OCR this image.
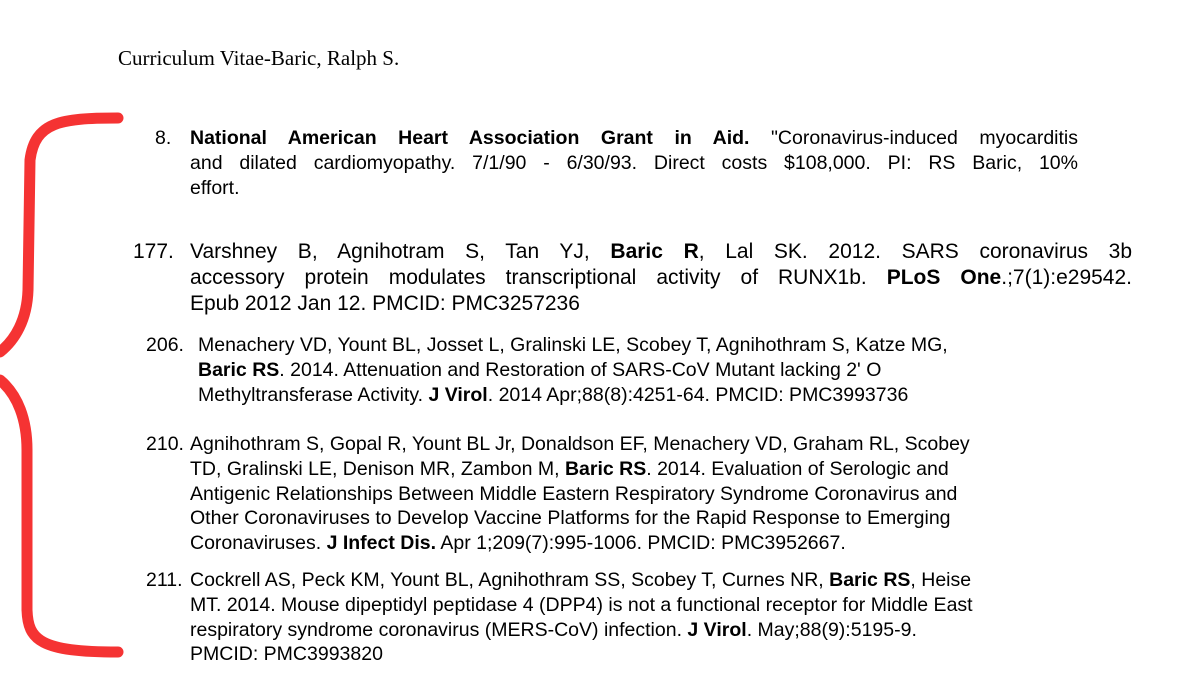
Curriculum Vitae-Baric, Ralph S.
8. National American Heart Association Grant in Aid. "Coronavirus-induced myocarditis
and dilated cardiomyopathy. 7/1/90 - 6/30/93. Direct costs $108,000. PI: RS Baric, 10%
effort.
177. Varshney B, Agnihotram S, Tan YJ, Baric R, Lal SK. 2012. SARS coronavirus 3b
accessory protein modulates transcriptional activity of RUNX1b. PLoS One.;7(1):e29542.
Epub 2012 Jan 12. PMCID: PMC3257236
206. Menachery VD, Yount BL, Josset L, Gralinski LE, Scobey T, Agnihothram S, Katze MG,
Baric RS. 2014. Attenuation and Restoration of SARS-CoV Mutant lacking 2' O
Methyltransferase Activity. J Virol. 2014 Apr;88(8):4251-64. PMCID: PMC3993736
210. Agnihothram S, Gopal R, Yount BL Jr, Donaldson EF, Menachery VD, Graham RL, Scobey
TD, Gralinski LE, Denison MR, Zambon M, Baric RS. 2014. Evaluation of Serologic and
Antigenic Relationships Between Middle Eastern Respiratory Syndrome Coronavirus and
Other Coronaviruses to Develop Vaccine Platforms for the Rapid Response to Emerging
Coronaviruses. J Infect Dis. Apr 1;209(7):995-1006. PMCID: PMC3952667.
211. Cockrell AS, Peck KM, Yount BL, Agnihothram SS, Scobey T, Curnes NR, Baric RS, Heise
MT. 2014. Mouse dipeptidyl peptidase 4 (DPP4) is not a functional receptor for Middle East
respiratory syndrome coronavirus (MERS-CoV) infection. J Virol. May;88(9):5195-9.
PMCID: PMC3993820
